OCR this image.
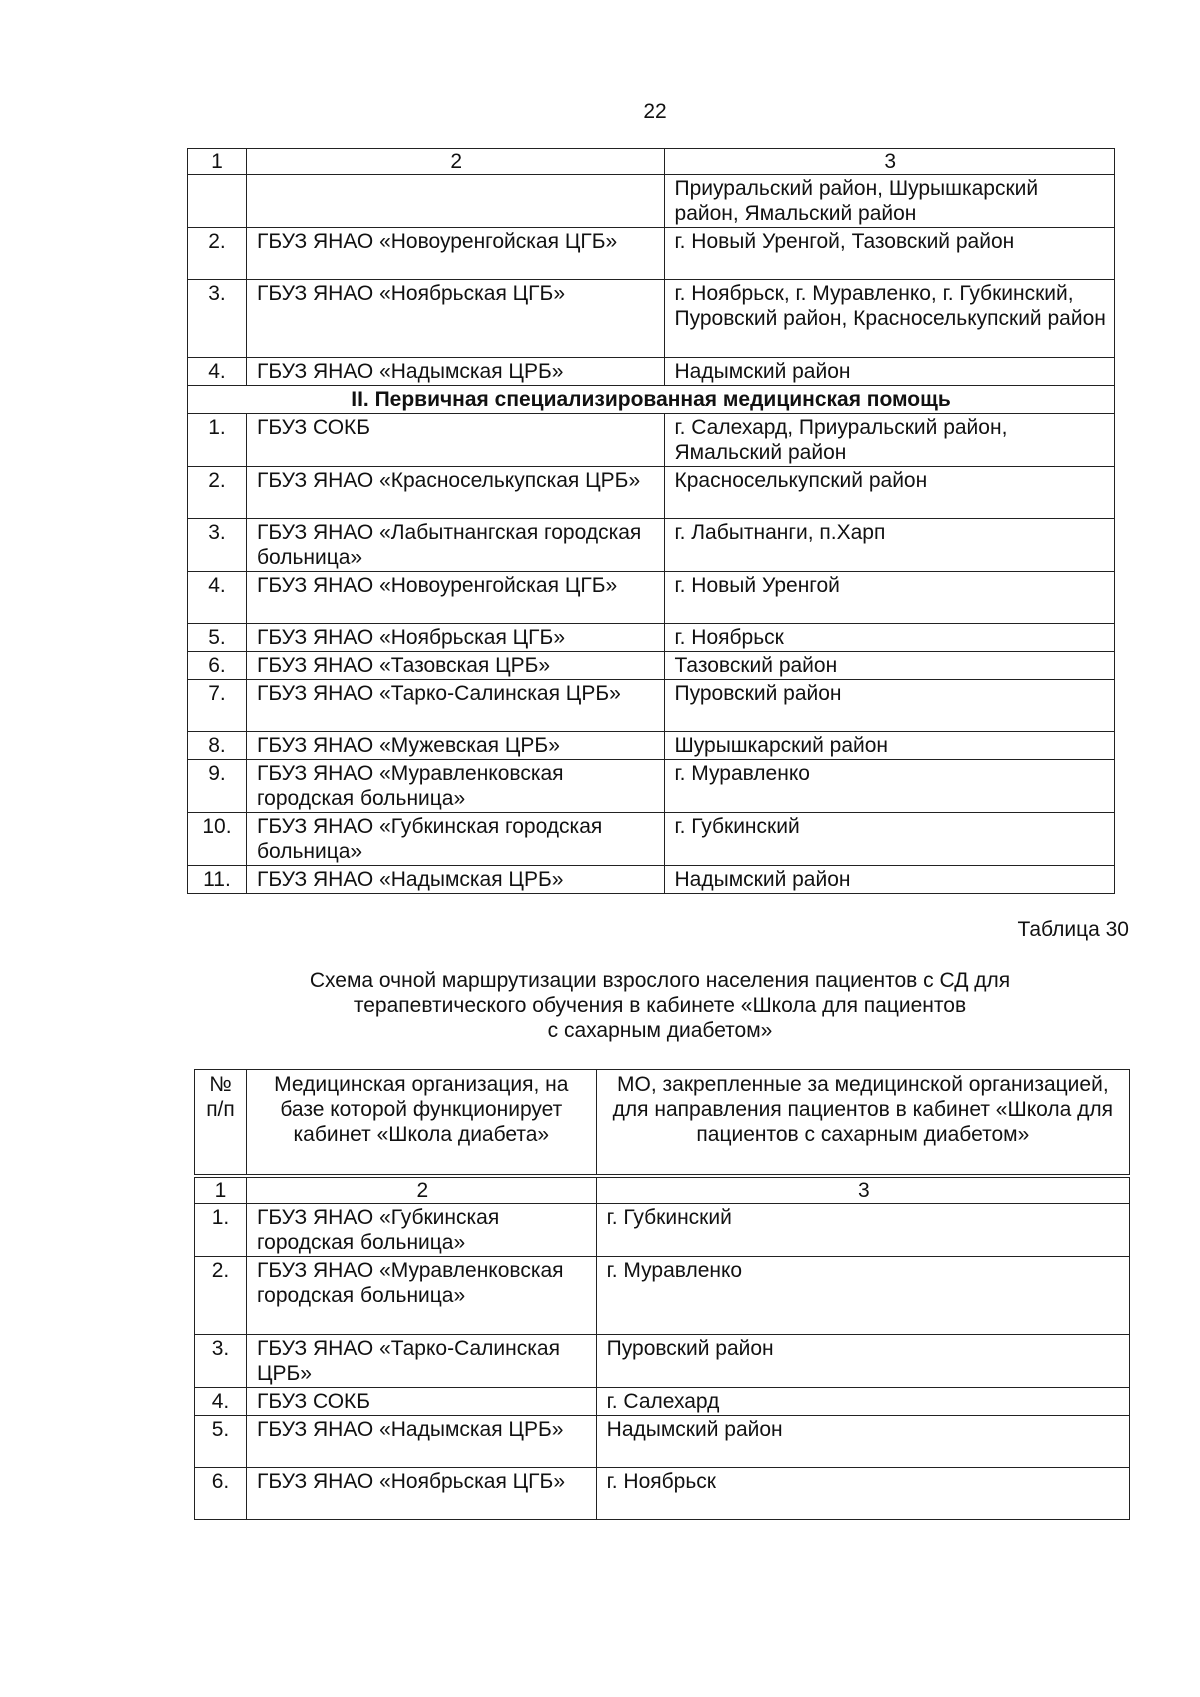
22
1	2	3
		Приуральский район, Шурышкарский район, Ямальский район
2.	ГБУЗ ЯНАО «Новоуренгойская ЦГБ»	г. Новый Уренгой, Тазовский район
3.	ГБУЗ ЯНАО «Ноябрьская ЦГБ»	г. Ноябрьск, г. Муравленко, г. Губкинский, Пуровский район, Красноселькупский район
4.	ГБУЗ ЯНАО «Надымская ЦРБ»	Надымский район
II. Первичная специализированная медицинская помощь		
1.	ГБУЗ СОКБ	г. Салехард, Приуральский район, Ямальский район
2.	ГБУЗ ЯНАО «Красноселькупская ЦРБ»	Красноселькупский район
3.	ГБУЗ ЯНАО «Лабытнангская городская больница»	г. Лабытнанги, п.Харп
4.	ГБУЗ ЯНАО «Новоуренгойская ЦГБ»	г. Новый Уренгой
5.	ГБУЗ ЯНАО «Ноябрьская ЦГБ»	г. Ноябрьск
6.	ГБУЗ ЯНАО «Тазовская ЦРБ»	Тазовский район
7.	ГБУЗ ЯНАО «Тарко-Салинская ЦРБ»	Пуровский район
8.	ГБУЗ ЯНАО «Мужевская ЦРБ»	Шурышкарский район
9.	ГБУЗ ЯНАО «Муравленковская городская больница»	г. Муравленко
10.	ГБУЗ ЯНАО «Губкинская городская больница»	г. Губкинский
11.	ГБУЗ ЯНАО «Надымская ЦРБ»	Надымский район
Таблица 30
Схема очной маршрутизации взрослого населения пациентов с СД для
терапевтического обучения в кабинете «Школа для пациентов
с сахарным диабетом»
№ п/п	Медицинская организация, на базе которой функционирует кабинет «Школа диабета»	МО, закрепленные за медицинской организацией, для направления пациентов в кабинет «Школа для пациентов с сахарным диабетом»
1	2	3
1.	ГБУЗ ЯНАО «Губкинская городская больница»	г. Губкинский
2.	ГБУЗ ЯНАО «Муравленковская городская больница»	г. Муравленко
3.	ГБУЗ ЯНАО «Тарко-Салинская ЦРБ»	Пуровский район
4.	ГБУЗ СОКБ	г. Салехард
5.	ГБУЗ ЯНАО «Надымская ЦРБ»	Надымский район
6.	ГБУЗ ЯНАО «Ноябрьская ЦГБ»	г. Ноябрьск
